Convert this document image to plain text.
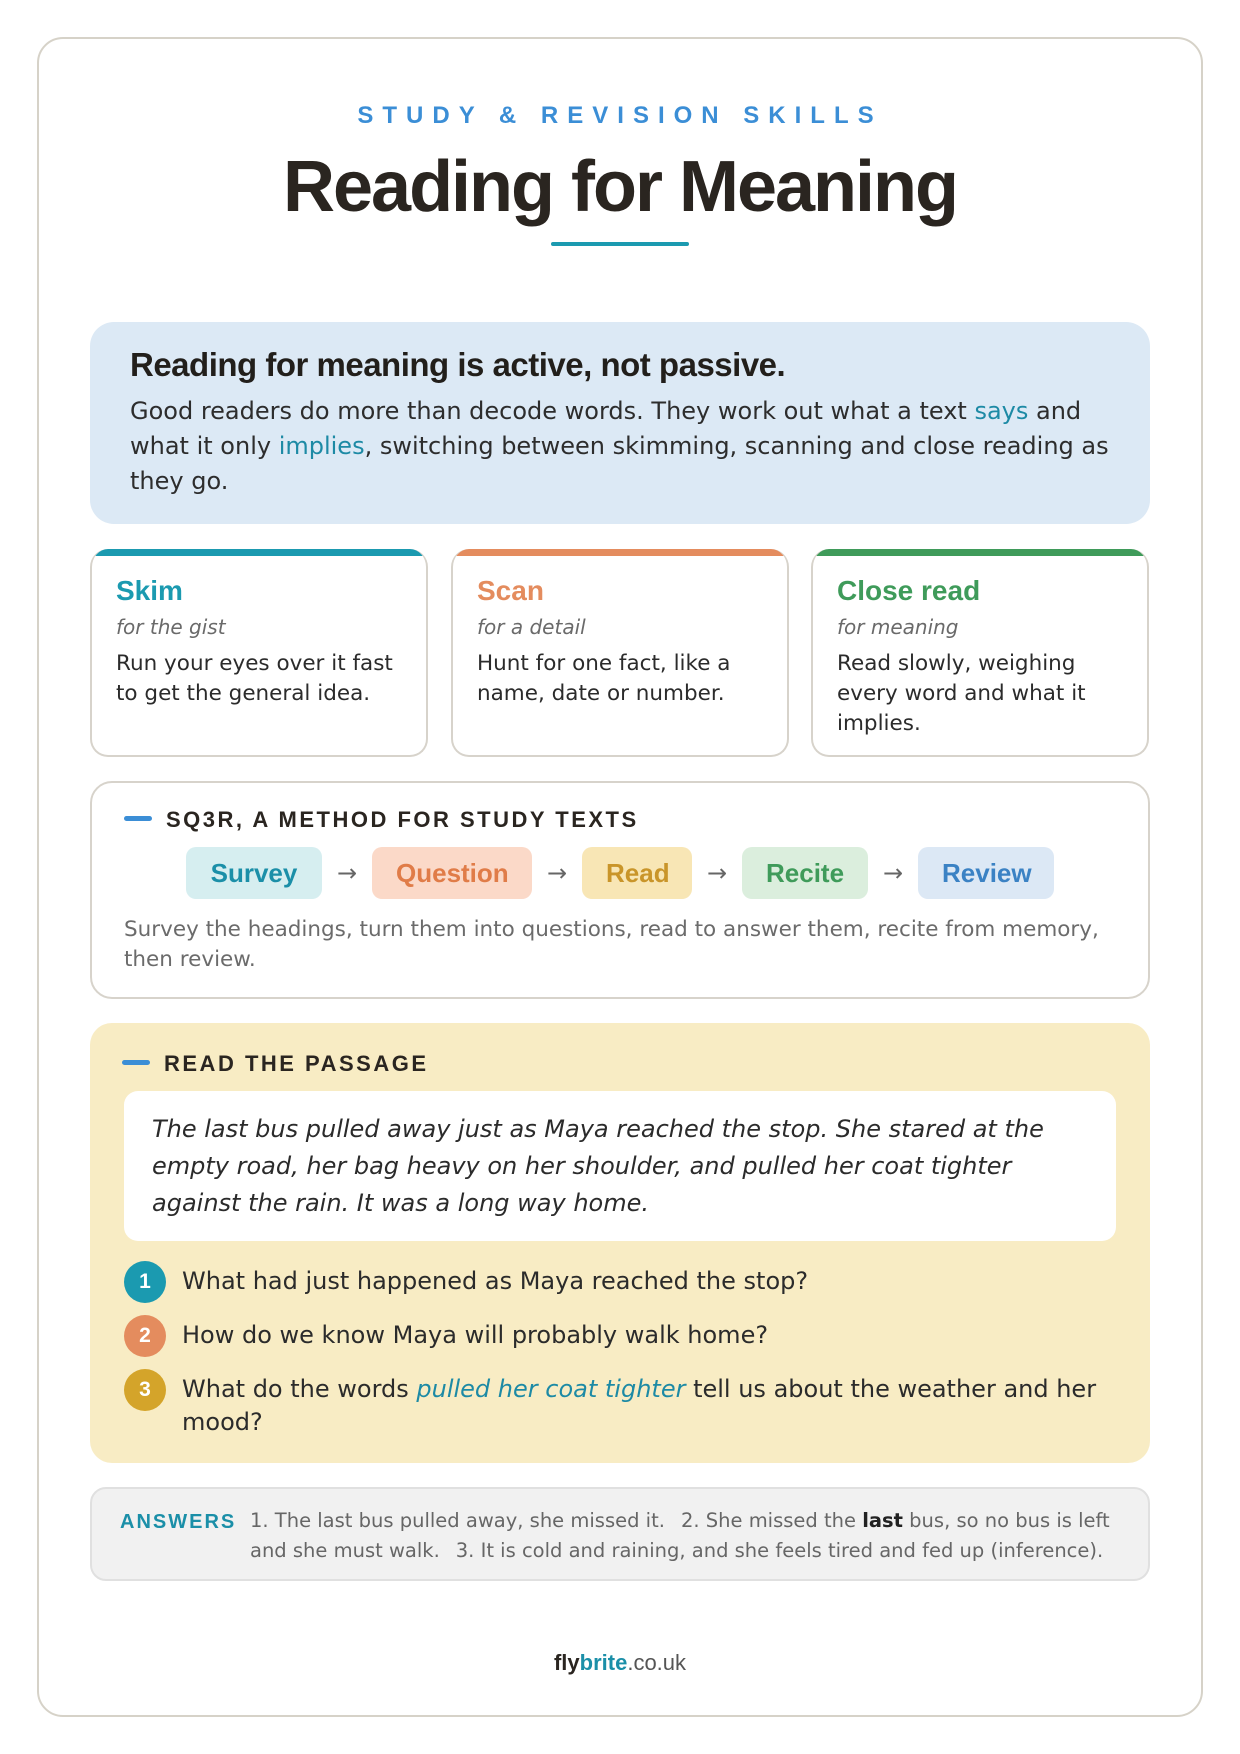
STUDY & REVISION SKILLS
Reading for Meaning
Reading for meaning is active, not passive.

Good readers do more than decode words. They work out what a text says and what it only implies, switching between skimming, scanning and close reading as they go.

Skim
for the gist
Run your eyes over it fast to get the general idea.
Scan
for a detail
Hunt for one fact, like a name, date or number.
Close read
for meaning
Read slowly, weighing every word and what it implies.
SQ3R, A METHOD FOR STUDY TEXTS
Survey	→	Question	→	Read	→	Recite	→	Review
Survey the headings, turn them into questions, read to answer them, recite from memory, then review.
READ THE PASSAGE
The last bus pulled away just as Maya reached the stop. She stared at the empty road, her bag heavy on her shoulder, and pulled her coat tighter against the rain. It was a long way home.
1	What had just happened as Maya reached the stop?
2	How do we know Maya will probably walk home?
3	What do the words pulled her coat tighter tell us about the weather and her mood?
ANSWERS 1. The last bus pulled away, she missed it. 2. She missed the last bus, so no bus is left and she must walk. 3. It is cold and raining, and she feels tired and fed up (inference).
flybrite.co.uk
